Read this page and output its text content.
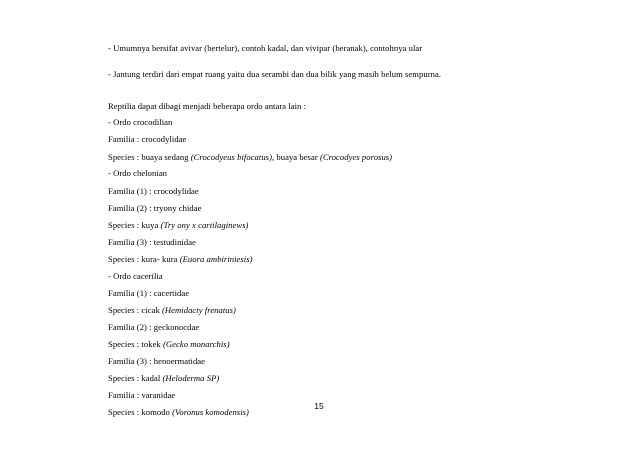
- Umumnya bersifat avivar (bertelur), contoh kadal, dan vivipar (beranak), contohnya ular
- Jantung terdiri dari empat ruang yaitu dua serambi dan dua bilik yang masih belum sempurna.
Reptilia dapat dibagi menjadi beberapa ordo antara lain :
- Ordo crocodilian
Familia : crocodylidae
Species : buaya sedang (Crocodyeus bifocatus), buaya besar (Crocodyes porosus)
- Ordo chelonian
Familia (1) : crocodylidae
Familia (2) : tryony chidae
Species : kuya (Try ony x cartilaginews)
Familia (3) : testudinidae
Species : kura- kura (Euora ambiriniesis)
- Ordo cacerilia
Familia (1) : cacertidae
Species : cicak (Hemidacty frenatus)
Familia (2) : geckonocdae
Species : tokek (Gecko monarchis)
Familia (3) : henoermatidae
Species : kadal (Heloderma SP)
Familia : varanidae
Species : komodo (Voronus komodensis)
15
